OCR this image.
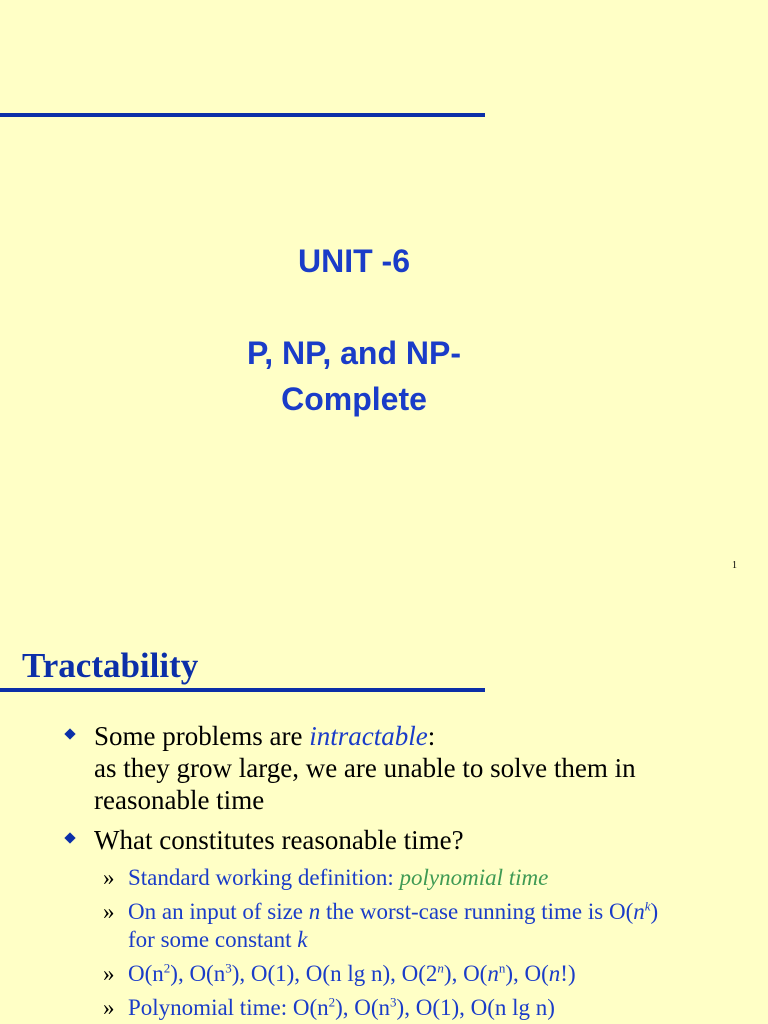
UNIT -6
P, NP, and NP-
Complete
1
Tractability
Some problems are intractable:
as they grow large, we are unable to solve them in
reasonable time
What constitutes reasonable time?
» Standard working definition: polynomial time
» On an input of size n the worst-case running time is $O(n^k)$
for some constant k
» $O(n^2)$, $O(n^3)$, O(1), O(n lg n), O(2$^n$), $O(n^n)$, O(n!)
» Polynomial time: $O(n^2)$, $O(n^3)$, O(1), O(n lg n)
